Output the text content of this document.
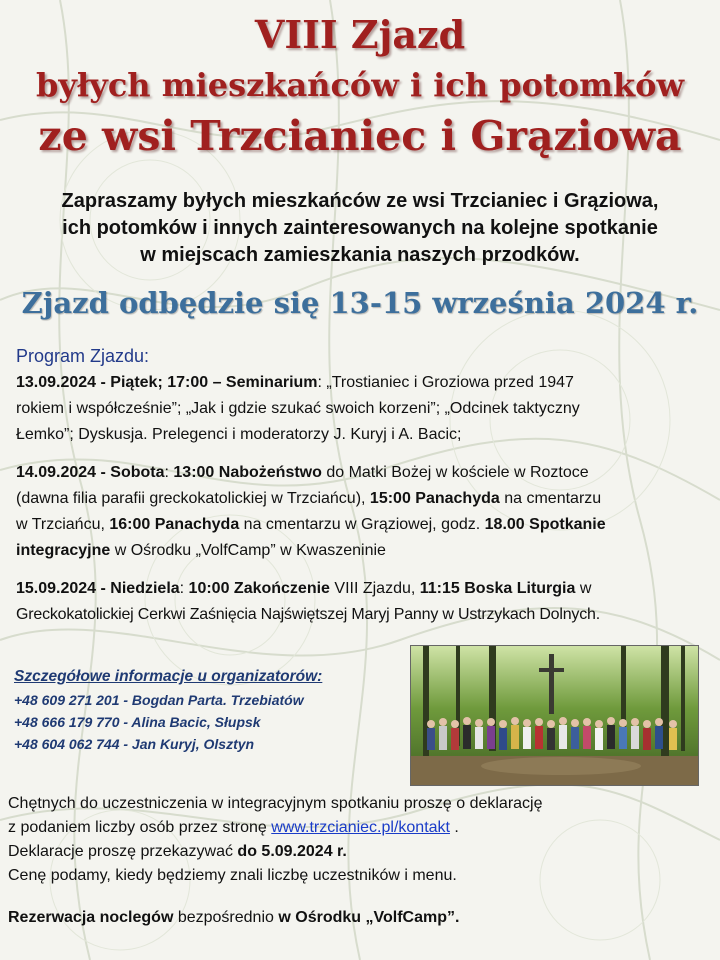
VIII Zjazd
byłych mieszkańców i ich potomków
ze wsi Trzcianiec i Grąziowa
Zapraszamy byłych mieszkańców ze wsi Trzcianiec i Grąziowa,
ich potomków i innych zainteresowanych na kolejne spotkanie
w miejscach zamieszkania naszych przodków.
Zjazd odbędzie się 13-15 września 2024 r.
Program Zjazdu:
13.09.2024 - Piątek; 17:00 – Seminarium: „Trostianiec i Groziowa przed 1947
rokiem i współcześnie”; „Jak i gdzie szukać swoich korzeni”; „Odcinek taktyczny
Łemko”; Dyskusja. Prelegenci i moderatorzy J. Kuryj i A. Bacic;
14.09.2024 - Sobota: 13:00 Nabożeństwo do Matki Bożej w kościele w Roztoce
(dawna filia parafii greckokatolickiej w Trzciańcu), 15:00 Panachyda na cmentarzu
w Trzciańcu, 16:00 Panachyda na cmentarzu w Grąziowej, godz. 18.00 Spotkanie
integracyjne w Ośrodku „VolfCamp” w Kwaszeninie
15.09.2024 - Niedziela: 10:00 Zakończenie VIII Zjazdu, 11:15 Boska Liturgia w
Greckokatolickiej Cerkwi Zaśnięcia Najświętszej Maryj Panny w Ustrzykach Dolnych.
Szczegółowe informacje u organizatorów:
+48 609 271 201 - Bogdan Parta. Trzebiatów
+48 666 179 770 - Alina Bacic, Słupsk
+48 604 062 744 - Jan Kuryj, Olsztyn
Chętnych do uczestniczenia w integracyjnym spotkaniu proszę o deklarację
z podaniem liczby osób przez stronę www.trzcianiec.pl/kontakt .
Deklaracje proszę przekazywać do 5.09.2024 r.
Cenę podamy, kiedy będziemy znali liczbę uczestników i menu.
Rezerwacja noclegów bezpośrednio w Ośrodku „VolfCamp”.
